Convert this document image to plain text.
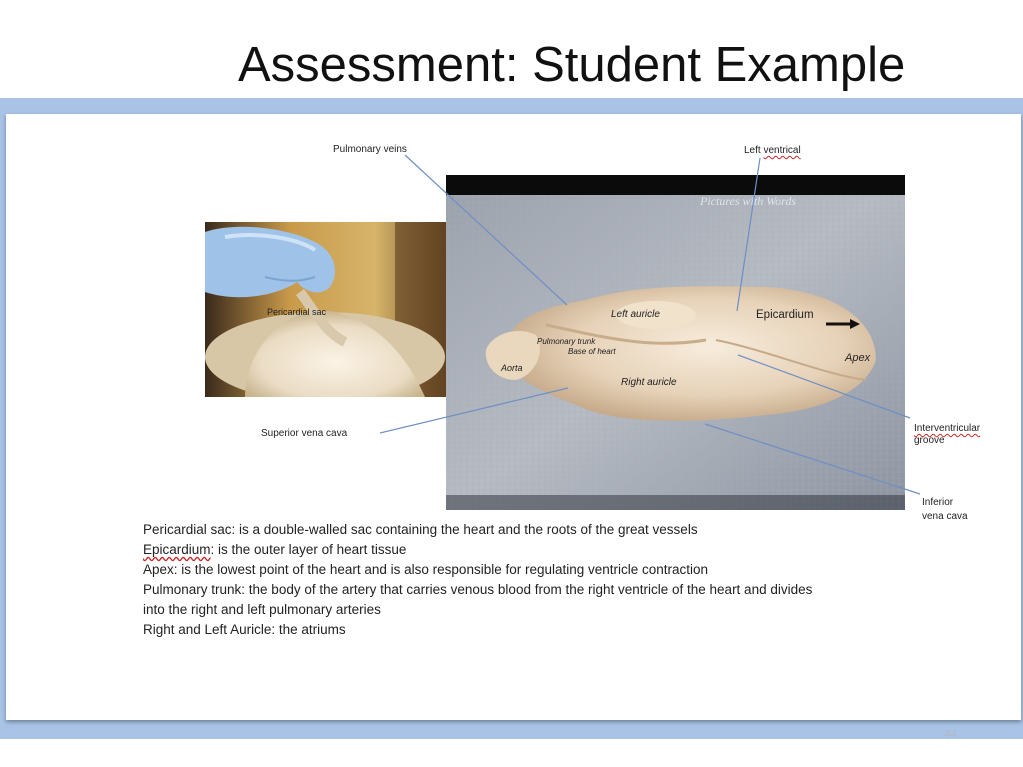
Assessment: Student Example
Pericardial sac
Pictures with Words
Left auricle	Epicardium
Apex
Pulmonary trunk
Base of heart
Aorta
Right auricle
Pulmonary veins	Left ventrical
Superior vena cava	Interventricular
groove
Inferior
vena cava

Pericardial sac: is a double-walled sac containing the heart and the roots of the great vessels

Epicardium: is the outer layer of heart tissue

Apex: is the lowest point of the heart and is also responsible for regulating ventricle contraction

Pulmonary trunk: the body of the artery that carries venous blood from the right ventricle of the heart and divides into the right and left pulmonary arteries

Right and Left Auricle: the atriums

44
